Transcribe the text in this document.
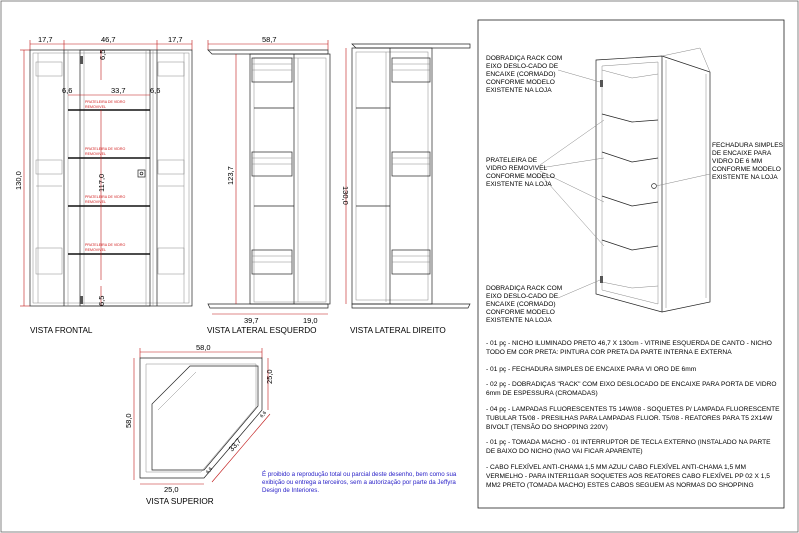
17,7	46,7	17,7
130,0
6,6	33,7	6,6
6,5
117,0
6,5
PRATELEIRA DE VIDRO
REMOVIVEL
PRATELEIRA DE VIDRO
REMOVIVEL
PRATELEIRA DE VIDRO
REMOVIVEL
PRATELEIRA DE VIDRO
REMOVIVEL
VISTA FRONTAL
58,7
123,7
39,7	19,0
VISTA LATERAL ESQUERDO
130,0
VISTA LATERAL DIREITO
58,0
58,0
25,0
33,7
6,6
6,6
25,0
VISTA SUPERIOR
É proibido a reprodução total ou parcial deste desenho, bem como sua
exibição ou entrega a terceiros, sem a autorização por parte da Jeffyra
Design de Interiores.
DOBRADIÇA RACK COM
EIXO DESLO-CADO DE
ENCAIXE (CORMADO)
CONFORME MODELO
EXISTENTE NA LOJA
PRATELEIRA DE
VIDRO REMOVIVEL
CONFORME MODELO
EXISTENTE NA LOJA
FECHADURA SIMPLES
DE ENCAIXE PARA
VIDRO DE 6 MM
CONFORME MODELO
EXISTENTE NA LOJA
DOBRADIÇA RACK COM
EIXO DESLO-CADO DE
ENCAIXE (CORMADO)
CONFORME MODELO
EXISTENTE NA LOJA
- 01 pç - NICHO ILUMINADO PRETO 46,7 X 130cm - VITRINE ESQUERDA DE CANTO - NICHO
TODO EM COR PRETA: PINTURA COR PRETA DA PARTE INTERNA E EXTERNA
- 01 pç - FECHADURA SIMPLES DE ENCAIXE PARA VI ORO DE 6mm
- 02 pç - DOBRADIÇAS "RACK" COM EIXO DESLOCADO DE ENCAIXE PARA PORTA DE VIDRO
6mm DE ESPESSURA (CROMADAS)
- 04 pç - LAMPADAS FLUORESCENTES T5 14W/08 - SOQUETES P/ LAMPADA FLUORESCENTE
TUBULAR T5/08 - PRESILHAS PARA LAMPADAS FLUOR. T5/08 - REATORES PARA T5 2X14W
BIVOLT (TENSÃO DO SHOPPING 220V)
- 01 pç - TOMADA MACHO - 01 INTERRUPTOR DE TECLA EXTERNO (INSTALADO NA PARTE
DE BAIXO DO NICHO (NAO VAI FICAR APARENTE)
- CABO FLEXÍVEL ANTI-CHAMA 1,5 MM AZUL/ CABO FLEXÍVEL ANTI-CHAMA 1,5 MM
VERMELHO - PARA INTER11GAR SOQUETES AOS REATORES CABO FLEXÍVEL PP 02 X 1,5
MM2 PRETO (TOMADA MACHO) ESTES CABOS SEGUEM AS NORMAS DO SHOPPING
